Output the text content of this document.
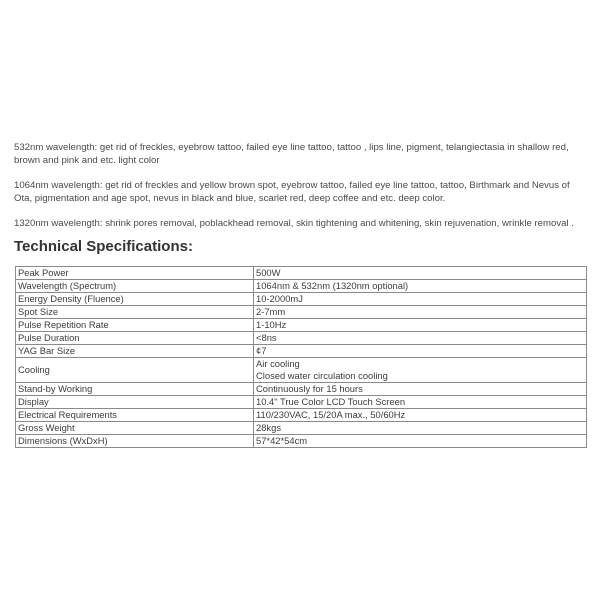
532nm wavelength: get rid of freckles, eyebrow tattoo, failed eye line tattoo, tattoo , lips line, pigment, telangiectasia in shallow red, brown and pink and etc. light color

1064nm wavelength: get rid of freckles and yellow brown spot, eyebrow tattoo, failed eye line tattoo, tattoo, Birthmark and Nevus of Ota, pigmentation and age spot, nevus in black and blue, scarlet red, deep coffee and etc. deep color.

1320nm wavelength: shrink pores removal, poblackhead removal, skin tightening and whitening, skin rejuvenation, wrinkle removal .

Technical Specifications:
Peak Power	500W
Wavelength (Spectrum)	1064nm & 532nm (1320nm optional)
Energy Density (Fluence)	10-2000mJ
Spot Size	2-7mm
Pulse Repetition Rate	1-10Hz
Pulse Duration	<8ns
YAG Bar Size	¢7
Cooling	Air cooling
Closed water circulation cooling

Stand-by Working	Continuously for 15 hours
Display	10.4" True Color LCD Touch Screen
Electrical Requirements	110/230VAC, 15/20A max., 50/60Hz
Gross Weight	28kgs
Dimensions (WxDxH)	57*42*54cm
